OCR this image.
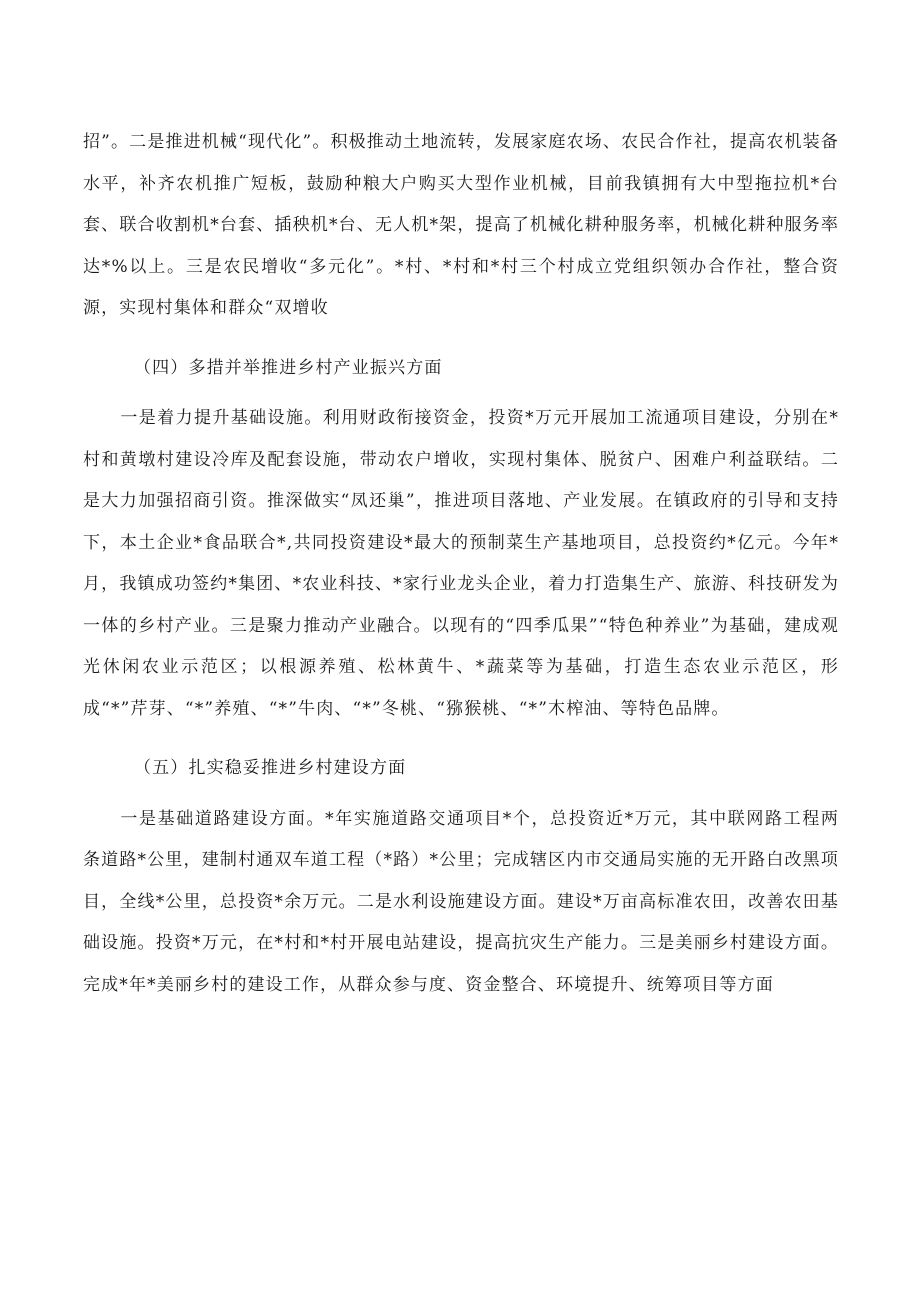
招”。二是推进机械“现代化”。积极推动土地流转，发展家庭农场、农民合作社，提高农机装备水平，补齐农机推广短板，鼓励种粮大户购买大型作业机械，目前我镇拥有大中型拖拉机*台套、联合收割机*台套、插秧机*台、无人机*架，提高了机械化耕种服务率，机械化耕种服务率达*%以上。三是农民增收“多元化”。*村、*村和*村三个村成立党组织领办合作社，整合资源，实现村集体和群众“双增收

（四）多措并举推进乡村产业振兴方面

一是着力提升基础设施。利用财政衔接资金，投资*万元开展加工流通项目建设，分别在*村和黄墩村建设冷库及配套设施，带动农户增收，实现村集体、脱贫户、困难户利益联结。二是大力加强招商引资。推深做实“凤还巢”，推进项目落地、产业发展。在镇政府的引导和支持下，本土企业*食品联合*,共同投资建设*最大的预制菜生产基地项目，总投资约*亿元。今年*月，我镇成功签约*集团、*农业科技、*家行业龙头企业，着力打造集生产、旅游、科技研发为一体的乡村产业。三是聚力推动产业融合。以现有的“四季瓜果”“特色种养业”为基础，建成观光休闲农业示范区；以根源养殖、松林黄牛、*蔬菜等为基础，打造生态农业示范区，形成“*”芹芽、“*”养殖、“*”牛肉、“*”冬桃、“猕猴桃、“*”木榨油、等特色品牌。

（五）扎实稳妥推进乡村建设方面

一是基础道路建设方面。*年实施道路交通项目*个，总投资近*万元，其中联网路工程两条道路*公里，建制村通双车道工程（*路）*公里；完成辖区内市交通局实施的无开路白改黑项目，全线*公里，总投资*余万元。二是水利设施建设方面。建设*万亩高标准农田，改善农田基础设施。投资*万元，在*村和*村开展电站建设，提高抗灾生产能力。三是美丽乡村建设方面。完成*年*美丽乡村的建设工作，从群众参与度、资金整合、环境提升、统筹项目等方面
